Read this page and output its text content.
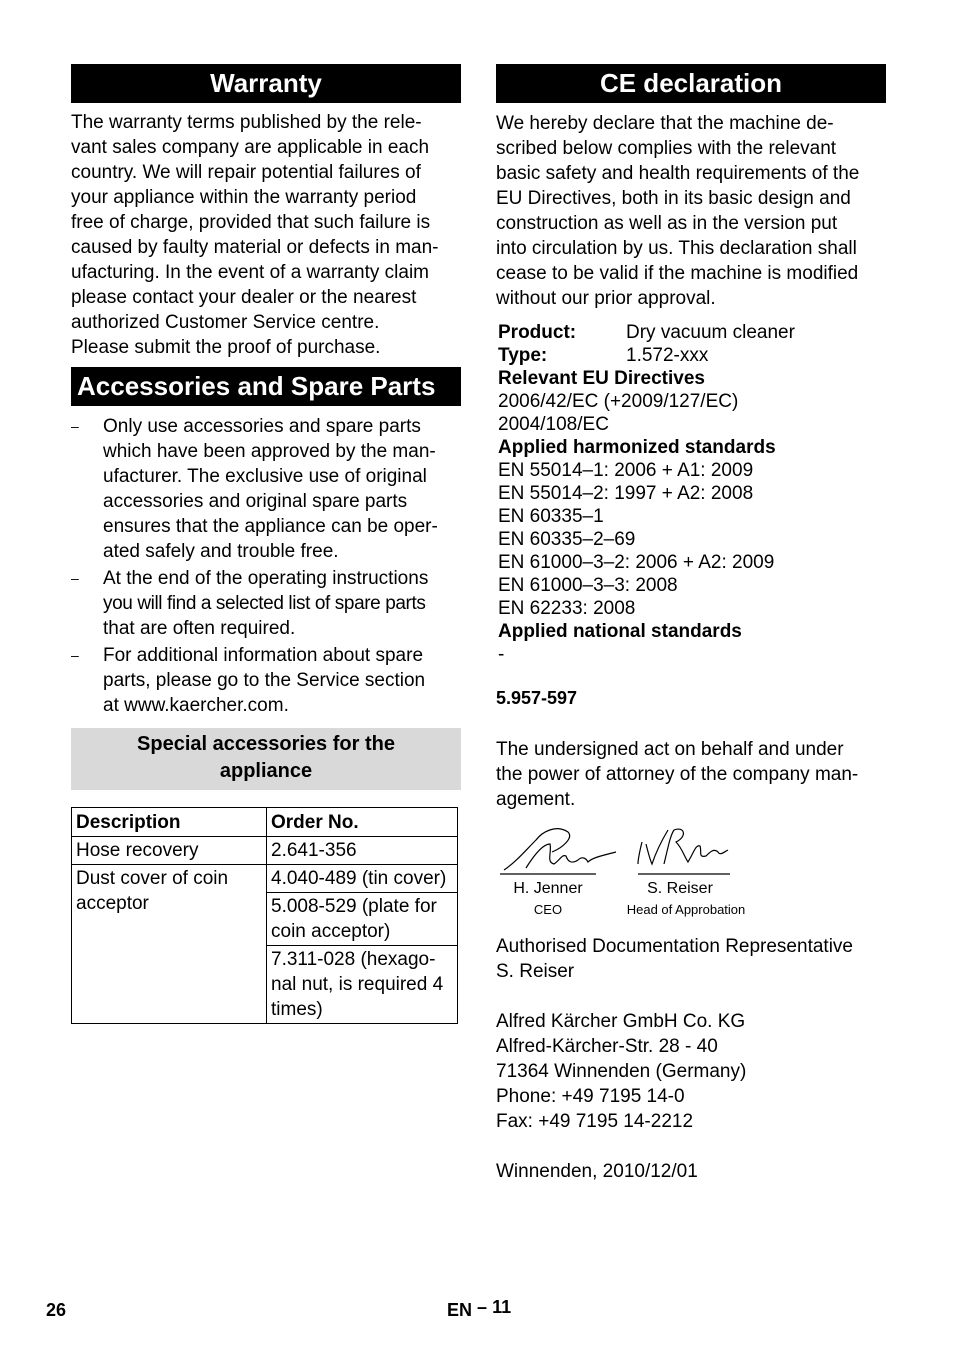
Warranty

The warranty terms published by the rele-
vant sales company are applicable in each
country. We will repair potential failures of
your appliance within the warranty period
free of charge, provided that such failure is
caused by faulty material or defects in man-
ufacturing. In the event of a warranty claim
please contact your dealer or the nearest
authorized Customer Service centre.
Please submit the proof of purchase.

Accessories and Spare Parts
– Only use accessories and spare parts
which have been approved by the man-
ufacturer. The exclusive use of original
accessories and original spare parts
ensures that the appliance can be oper-
ated safely and trouble free.
– At the end of the operating instructions
you will find a selected list of spare parts
that are often required.
– For additional information about spare
parts, please go to the Service section
at www.kaercher.com.
Special accessories for the
appliance
Description	Order No.
Hose recovery	2.641-356
Dust cover of coin
acceptor	4.040-489 (tin cover)
	5.008-529 (plate for
coin acceptor)
	7.311-028 (hexago-
nal nut, is required 4
times)
CE declaration

We hereby declare that the machine de-
scribed below complies with the relevant
basic safety and health requirements of the
EU Directives, both in its basic design and
construction as well as in the version put
into circulation by us. This declaration shall
cease to be valid if the machine is modified
without our prior approval.

Product:	Dry vacuum cleaner
Type:	1.572-xxx
Relevant EU Directives
2006/42/EC (+2009/127/EC)
2004/108/EC
Applied harmonized standards
EN 55014–1: 2006 + A1: 2009
EN 55014–2: 1997 + A2: 2008
EN 60335–1
EN 60335–2–69
EN 61000–3–2: 2006 + A2: 2009
EN 61000–3–3: 2008
EN 62233: 2008
Applied national standards
-
5.957-597

The undersigned act on behalf and under
the power of attorney of the company man-
agement.

H. Jenner
CEO
S. Reiser
Head of Approbation

Authorised Documentation Representative
S. Reiser

Alfred Kärcher GmbH Co. KG
Alfred-Kärcher-Str. 28 - 40
71364 Winnenden (Germany)
Phone: +49 7195 14-0
Fax: +49 7195 14-2212

Winnenden, 2010/12/01

26	EN – 11
